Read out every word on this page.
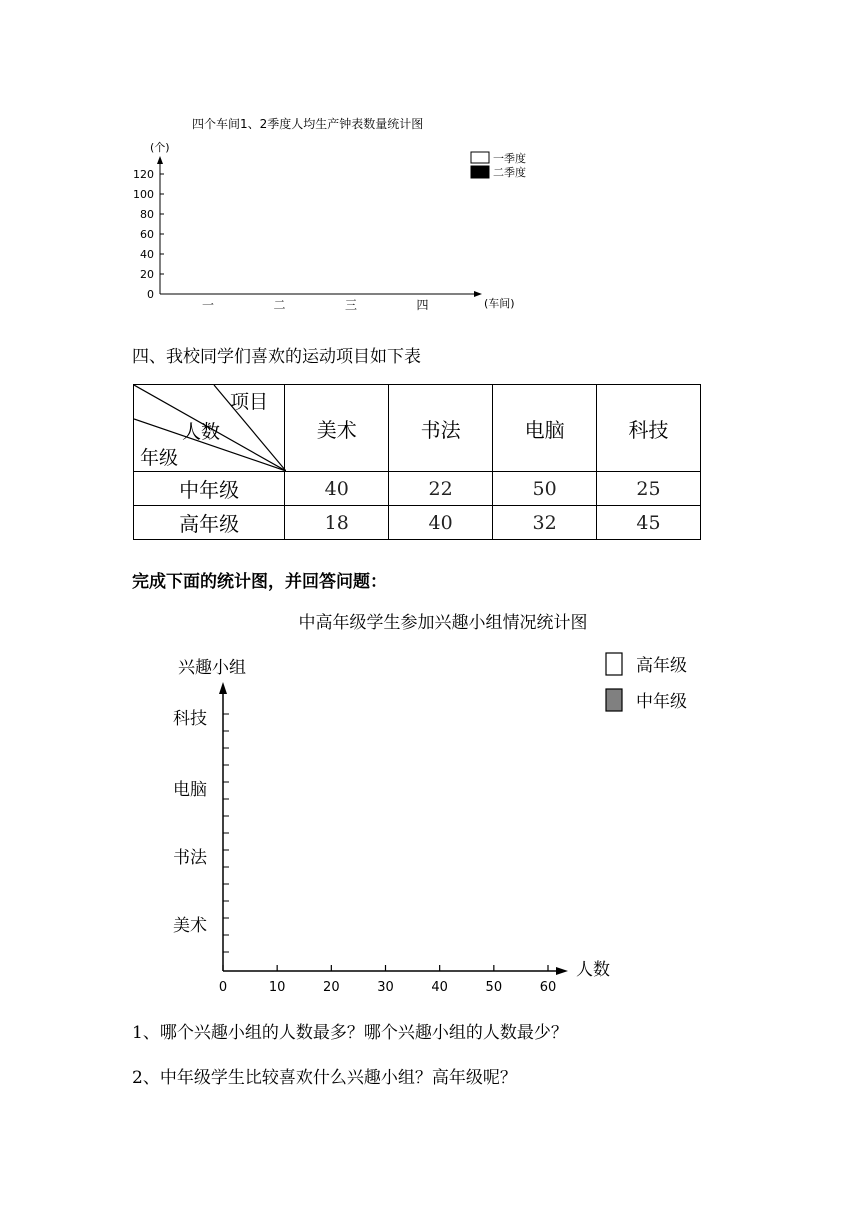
四个车间1、2季度人均生产钟表数量统计图
(个)
0
20
40
60
80
100
120
一	二	三	四	(车间)
一季度
二季度
四、我校同学们喜欢的运动项目如下表
项目
人数
年级	美术	书法	电脑	科技
中年级	40	22	50	25
高年级	18	40	32	45
完成下面的统计图，并回答问题：
中高年级学生参加兴趣小组情况统计图
兴趣小组
美术
书法
电脑
科技
0	10	20	30	40	50	60
人数
高年级
中年级
1、哪个兴趣小组的人数最多？哪个兴趣小组的人数最少？
2、中年级学生比较喜欢什么兴趣小组？高年级呢？
